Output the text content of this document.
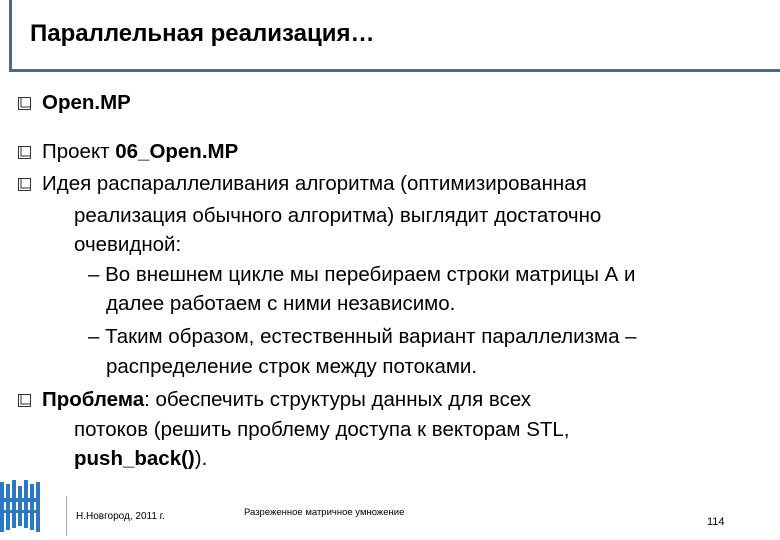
Параллельная реализация…
Open.MP
Проект 06_Open.MP
Идея распараллеливания алгоритма (оптимизированная
реализация обычного алгоритма) выглядит достаточно
очевидной:
– Во внешнем цикле мы перебираем строки матрицы А и
далее работаем с ними независимо.
– Таким образом, естественный вариант параллелизма –
распределение строк между потоками.
Проблема: обеспечить структуры данных для всех
потоков (решить проблему доступа к векторам STL,
push_back()).
Н.Новгород, 2011 г.	Разреженное матричное умножение
114
